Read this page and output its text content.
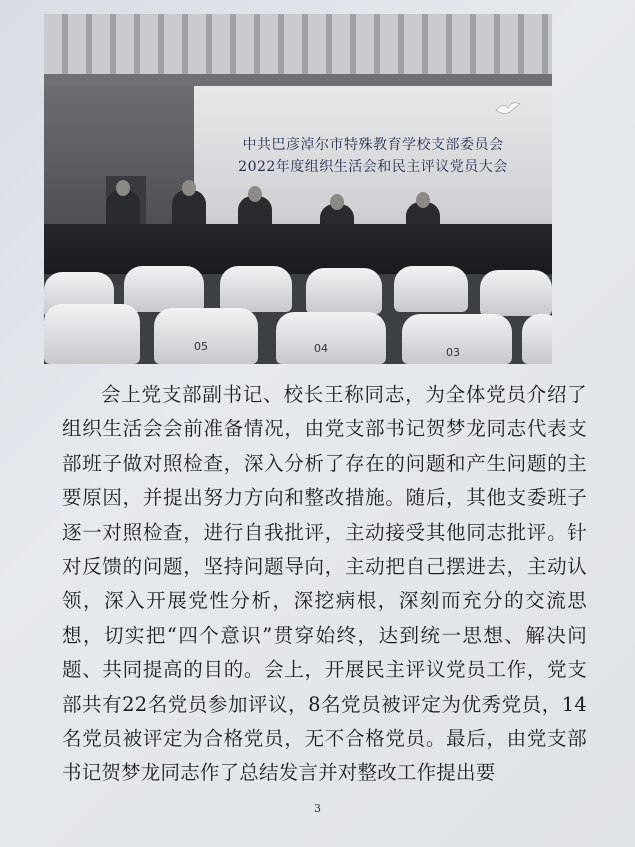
中共巴彦淖尔市特殊教育学校支部委员会
2022年度组织生活会和民主评议党员大会
05	04	03

会上党支部副书记、校长王称同志，为全体党员介绍了组织生活会会前准备情况，由党支部书记贺梦龙同志代表支部班子做对照检查，深入分析了存在的问题和产生问题的主要原因，并提出努力方向和整改措施。随后，其他支委班子逐一对照检查，进行自我批评，主动接受其他同志批评。针对反馈的问题，坚持问题导向，主动把自己摆进去，主动认领，深入开展党性分析，深挖病根，深刻而充分的交流思想，切实把“四个意识”贯穿始终，达到统一思想、解决问题、共同提高的目的。会上，开展民主评议党员工作，党支部共有22名党员参加评议，8名党员被评定为优秀党员，14名党员被评定为合格党员，无不合格党员。最后，由党支部书记贺梦龙同志作了总结发言并对整改工作提出要

3
